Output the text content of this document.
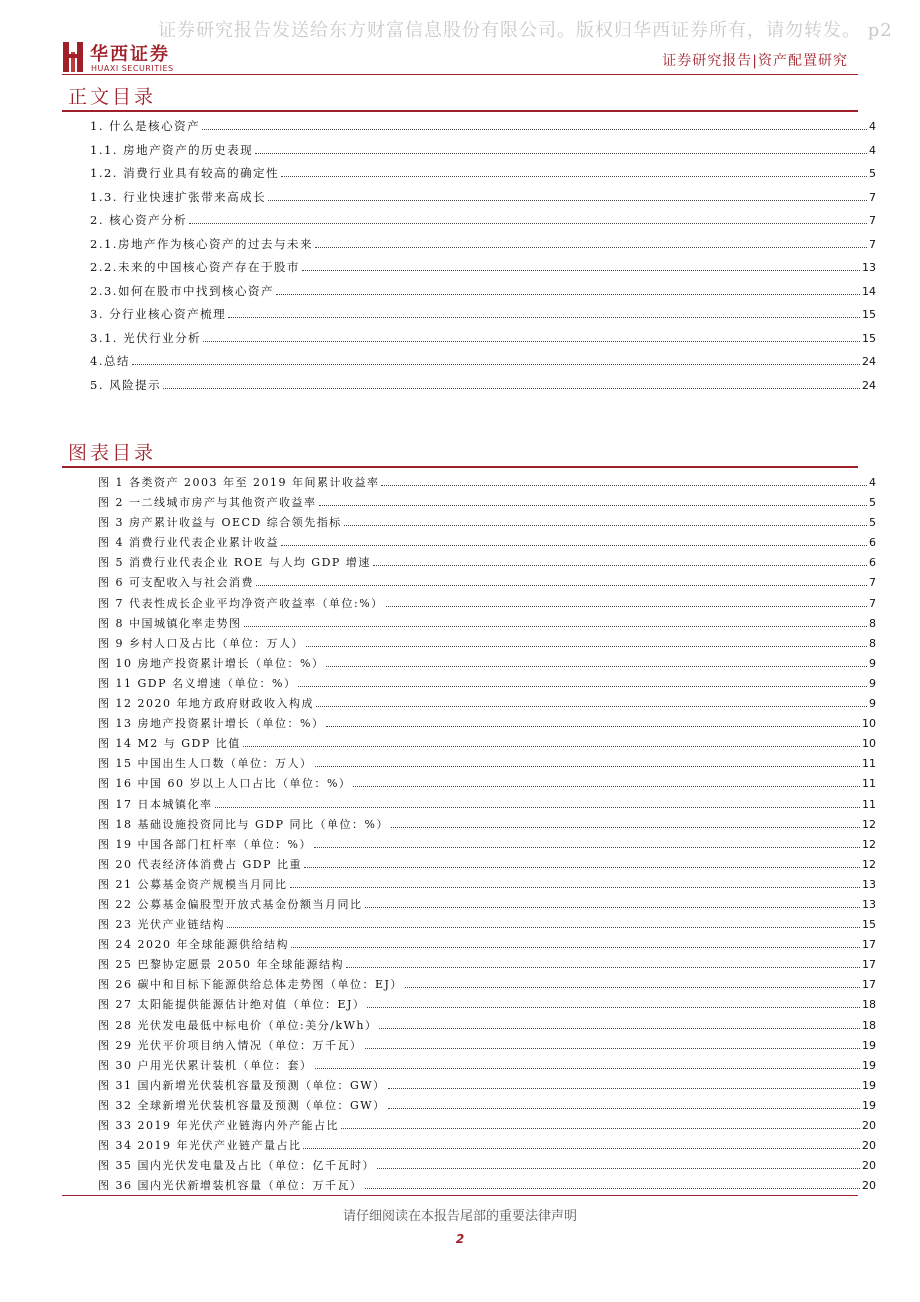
证券研究报告发送给东方财富信息股份有限公司。版权归华西证券所有，请勿转发。 p2
华西证券
HUAXI SECURITIES	证券研究报告|资产配置研究
正文目录
1. 什么是核心资产	4
1.1. 房地产资产的历史表现	4
1.2. 消费行业具有较高的确定性	5
1.3. 行业快速扩张带来高成长	7
2. 核心资产分析	7
2.1.房地产作为核心资产的过去与未来	7
2.2.未来的中国核心资产存在于股市	13
2.3.如何在股市中找到核心资产	14
3. 分行业核心资产梳理	15
3.1. 光伏行业分析	15
4.总结	24
5. 风险提示	24
图表目录
图 1 各类资产 2003 年至 2019 年间累计收益率	4
图 2 一二线城市房产与其他资产收益率	5
图 3 房产累计收益与 OECD 综合领先指标	5
图 4 消费行业代表企业累计收益	6
图 5 消费行业代表企业 ROE 与人均 GDP 增速	6
图 6 可支配收入与社会消费	7
图 7 代表性成长企业平均净资产收益率（单位:%）	7
图 8 中国城镇化率走势图	8
图 9 乡村人口及占比（单位：万人）	8
图 10 房地产投资累计增长（单位：%）	9
图 11 GDP 名义增速（单位：%）	9
图 12 2020 年地方政府财政收入构成	9
图 13 房地产投资累计增长（单位：%）	10
图 14 M2 与 GDP 比值	10
图 15 中国出生人口数（单位：万人）	11
图 16 中国 60 岁以上人口占比（单位：%）	11
图 17 日本城镇化率	11
图 18 基础设施投资同比与 GDP 同比（单位：%）	12
图 19 中国各部门杠杆率（单位：%）	12
图 20 代表经济体消费占 GDP 比重	12
图 21 公募基金资产规模当月同比	13
图 22 公募基金偏股型开放式基金份额当月同比	13
图 23 光伏产业链结构	15
图 24 2020 年全球能源供给结构	17
图 25 巴黎协定愿景 2050 年全球能源结构	17
图 26 碳中和目标下能源供给总体走势图（单位：EJ）	17
图 27 太阳能提供能源估计绝对值（单位：EJ）	18
图 28 光伏发电最低中标电价（单位:美分/kWh）	18
图 29 光伏平价项目纳入情况（单位：万千瓦）	19
图 30 户用光伏累计装机（单位：套）	19
图 31 国内新增光伏装机容量及预测（单位：GW）	19
图 32 全球新增光伏装机容量及预测（单位：GW）	19
图 33 2019 年光伏产业链海内外产能占比	20
图 34 2019 年光伏产业链产量占比	20
图 35 国内光伏发电量及占比（单位：亿千瓦时）	20
图 36 国内光伏新增装机容量（单位：万千瓦）	20
请仔细阅读在本报告尾部的重要法律声明
2
